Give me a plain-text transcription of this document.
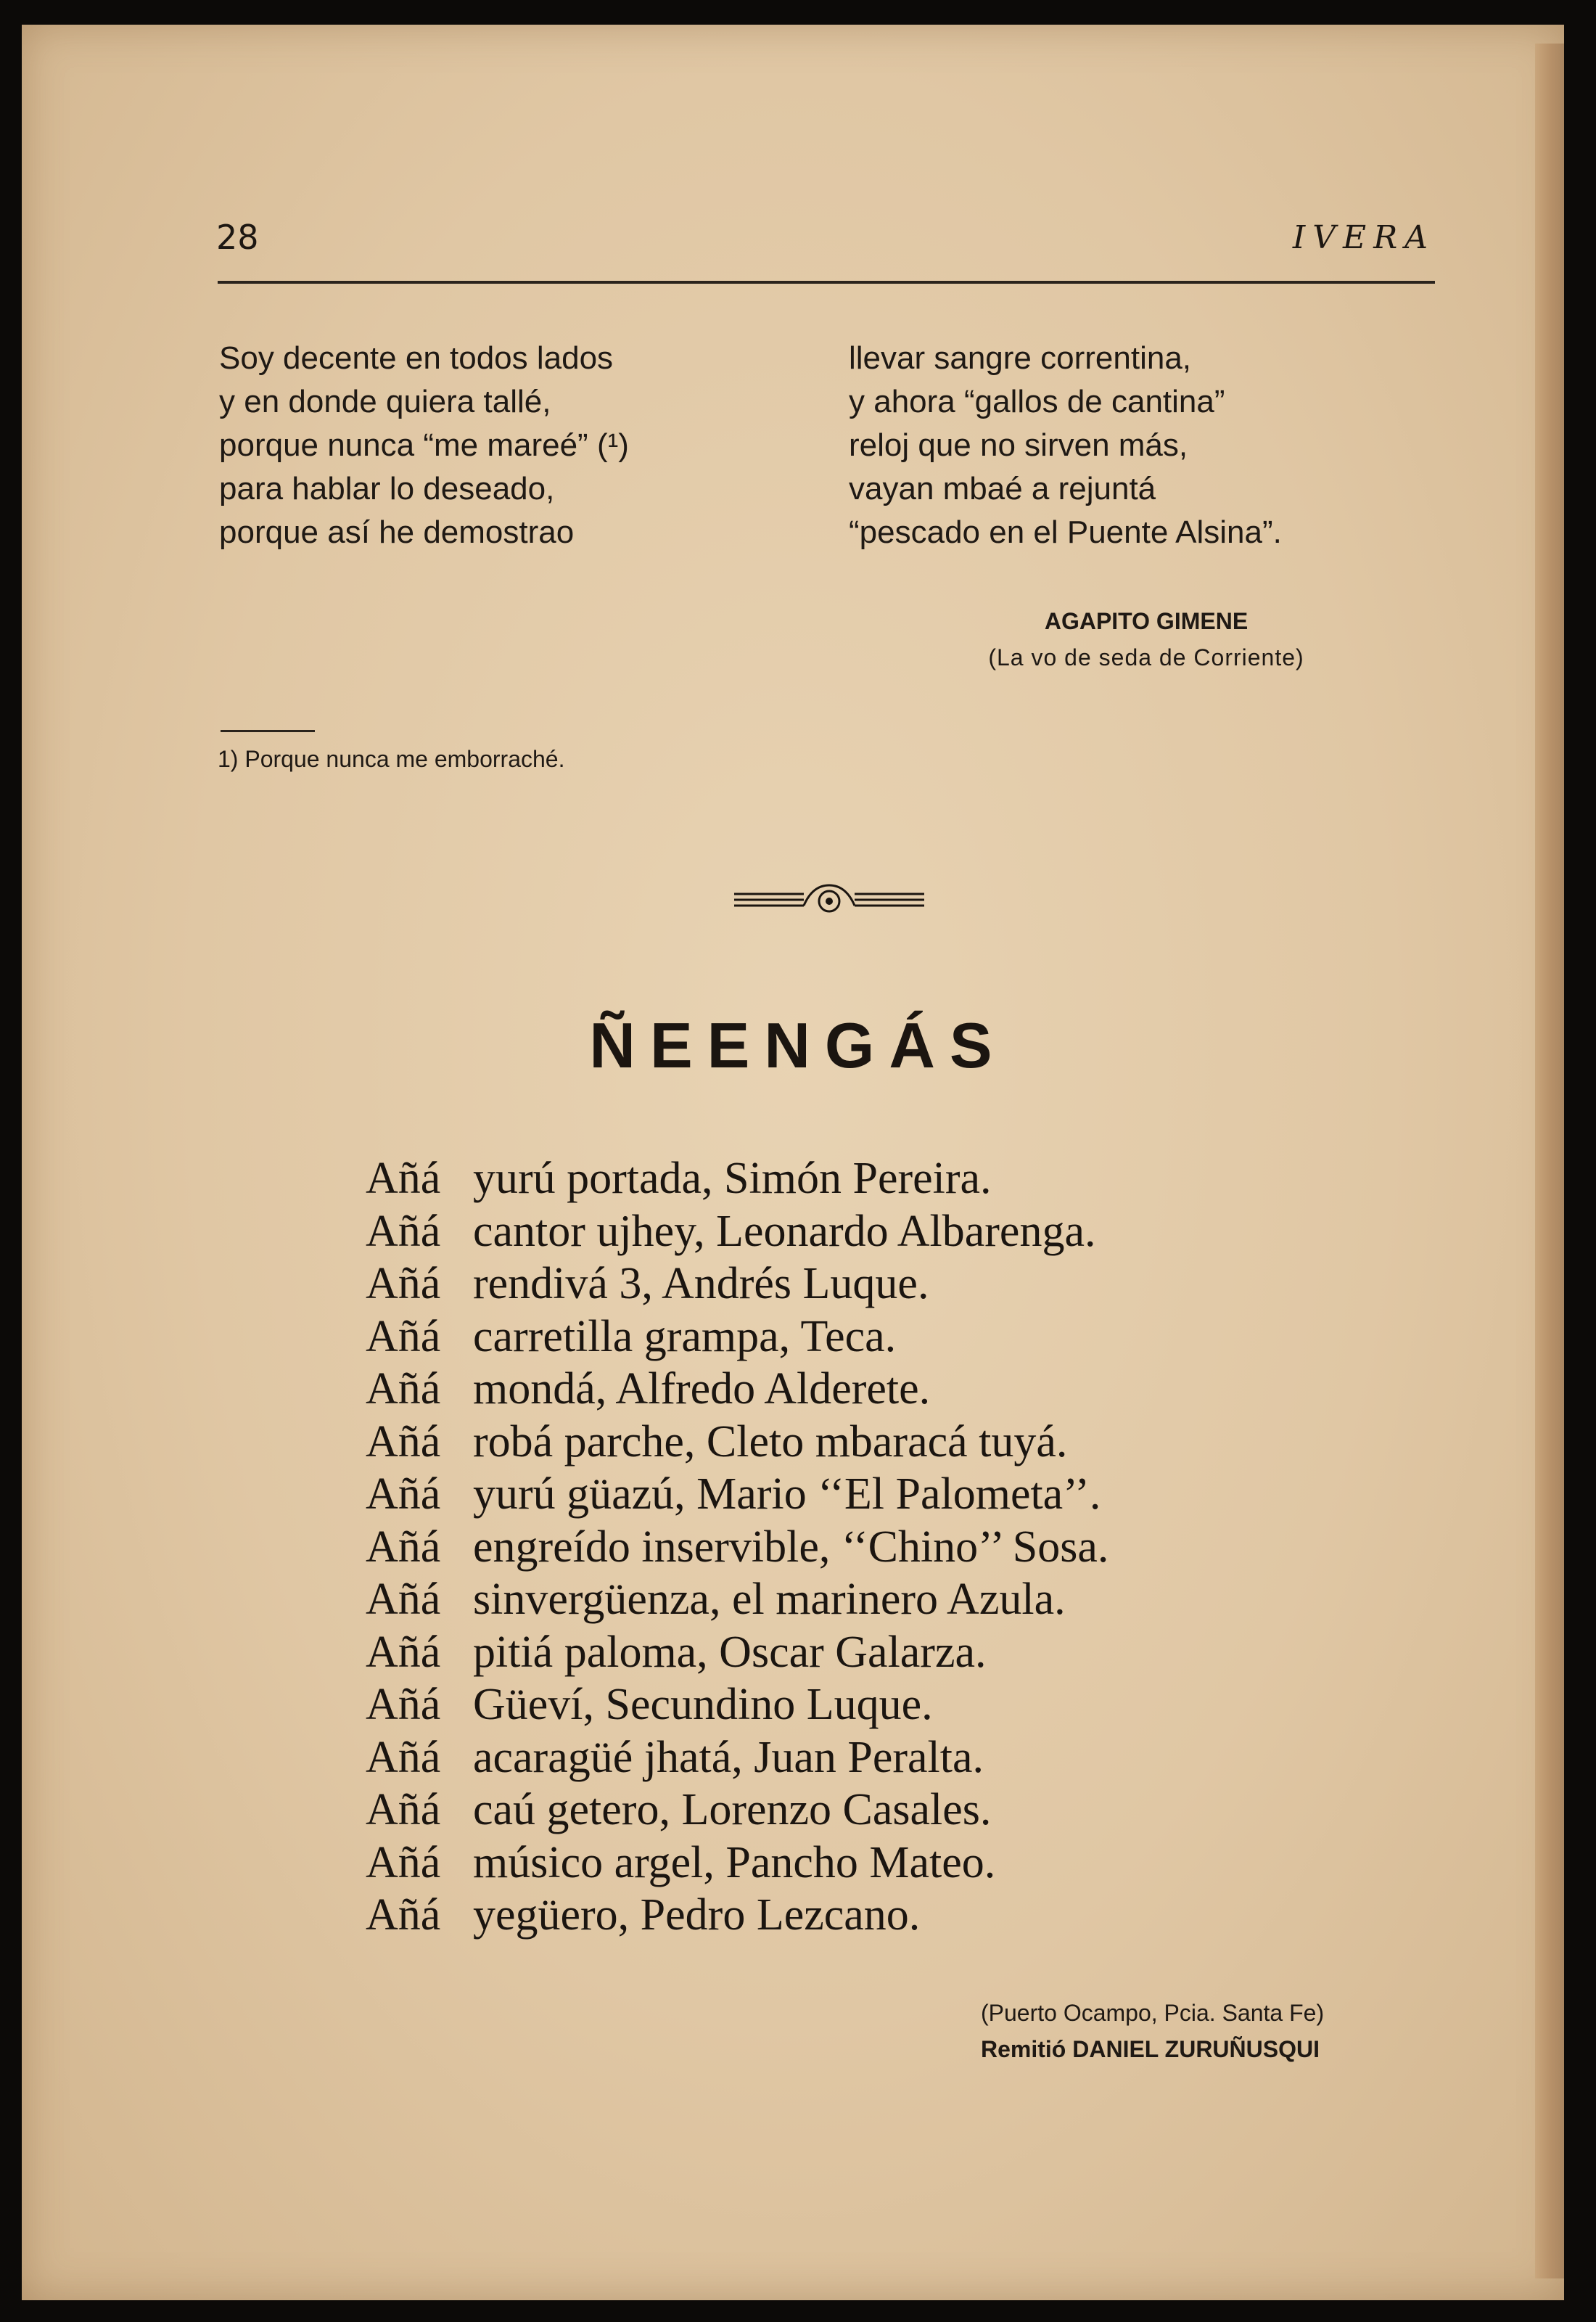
28	IVERA
Soy decente en todos lados
y en donde quiera tallé,
porque nunca “me mareé” (¹)
para hablar lo deseado,
porque así he demostrao
llevar sangre correntina,
y ahora “gallos de cantina”
reloj que no sirven más,
vayan mbaé a rejuntá
“pescado en el Puente Alsina”.
AGAPITO GIMENE
(La vo de seda de Corriente)
1) Porque nunca me emborraché.
ÑEENGÁS
Añá yurú portada, Simón Pereira.
Añá cantor ujhey, Leonardo Albarenga.
Añá rendivá 3, Andrés Luque.
Añá carretilla grampa, Teca.
Añá mondá, Alfredo Alderete.
Añá robá parche, Cleto mbaracá tuyá.
Añá yurú güazú, Mario ‘‘El Palometa’’.
Añá engreído inservible, ‘‘Chino’’ Sosa.
Añá sinvergüenza, el marinero Azula.
Añá pitiá paloma, Oscar Galarza.
Añá Güeví, Secundino Luque.
Añá acaragüé jhatá, Juan Peralta.
Añá caú getero, Lorenzo Casales.
Añá músico argel, Pancho Mateo.
Añá yegüero, Pedro Lezcano.
(Puerto Ocampo, Pcia. Santa Fe)
Remitió DANIEL ZURUÑUSQUI
